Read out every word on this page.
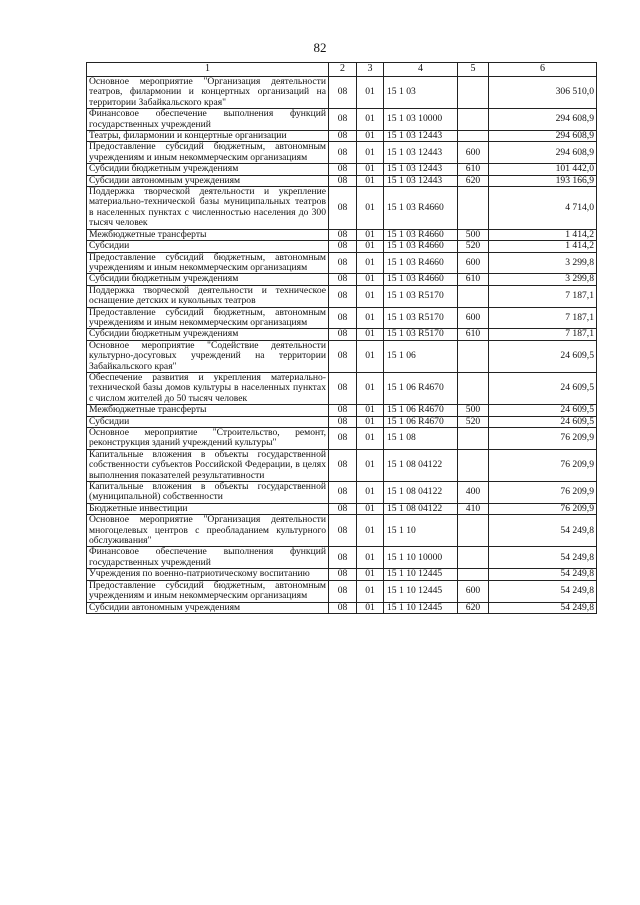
82
1	2	3	4	5	6
Основное мероприятие "Организация деятельности театров, филармонии и концертных организаций на территории Забайкальского края"	08	01	15 1 03		306 510,0
Финансовое обеспечение выполнения функций государственных учреждений	08	01	15 1 03 10000		294 608,9
Театры, филармонии и концертные организации	08	01	15 1 03 12443		294 608,9
Предоставление субсидий бюджетным, автономным учреждениям и иным некоммерческим организациям	08	01	15 1 03 12443	600	294 608,9
Субсидии бюджетным учреждениям	08	01	15 1 03 12443	610	101 442,0
Субсидии автономным учреждениям	08	01	15 1 03 12443	620	193 166,9
Поддержка творческой деятельности и укрепление материально-технической базы муниципальных театров в населенных пунктах с численностью населения до 300 тысяч человек	08	01	15 1 03 R4660		4 714,0
Межбюджетные трансферты	08	01	15 1 03 R4660	500	1 414,2
Субсидии	08	01	15 1 03 R4660	520	1 414,2
Предоставление субсидий бюджетным, автономным учреждениям и иным некоммерческим организациям	08	01	15 1 03 R4660	600	3 299,8
Субсидии бюджетным учреждениям	08	01	15 1 03 R4660	610	3 299,8
Поддержка творческой деятельности и техническое оснащение детских и кукольных театров	08	01	15 1 03 R5170		7 187,1
Предоставление субсидий бюджетным, автономным учреждениям и иным некоммерческим организациям	08	01	15 1 03 R5170	600	7 187,1
Субсидии бюджетным учреждениям	08	01	15 1 03 R5170	610	7 187,1
Основное мероприятие "Содействие деятельности культурно-досуговых учреждений на территории Забайкальского края"	08	01	15 1 06		24 609,5
Обеспечение развития и укрепления материально-технической базы домов культуры в населенных пунктах с числом жителей до 50 тысяч человек	08	01	15 1 06 R4670		24 609,5
Межбюджетные трансферты	08	01	15 1 06 R4670	500	24 609,5
Субсидии	08	01	15 1 06 R4670	520	24 609,5
Основное мероприятие "Строительство, ремонт, реконструкция зданий учреждений культуры"	08	01	15 1 08		76 209,9
Капитальные вложения в объекты государственной собственности субъектов Российской Федерации, в целях выполнения показателей результативности	08	01	15 1 08 04122		76 209,9
Капитальные вложения в объекты государственной (муниципальной) собственности	08	01	15 1 08 04122	400	76 209,9
Бюджетные инвестиции	08	01	15 1 08 04122	410	76 209,9
Основное мероприятие "Организация деятельности многоцелевых центров с преобладанием культурного обслуживания"	08	01	15 1 10		54 249,8
Финансовое обеспечение выполнения функций государственных учреждений	08	01	15 1 10 10000		54 249,8
Учреждения по военно-патриотическому воспитанию	08	01	15 1 10 12445		54 249,8
Предоставление субсидий бюджетным, автономным учреждениям и иным некоммерческим организациям	08	01	15 1 10 12445	600	54 249,8
Субсидии автономным учреждениям	08	01	15 1 10 12445	620	54 249,8
